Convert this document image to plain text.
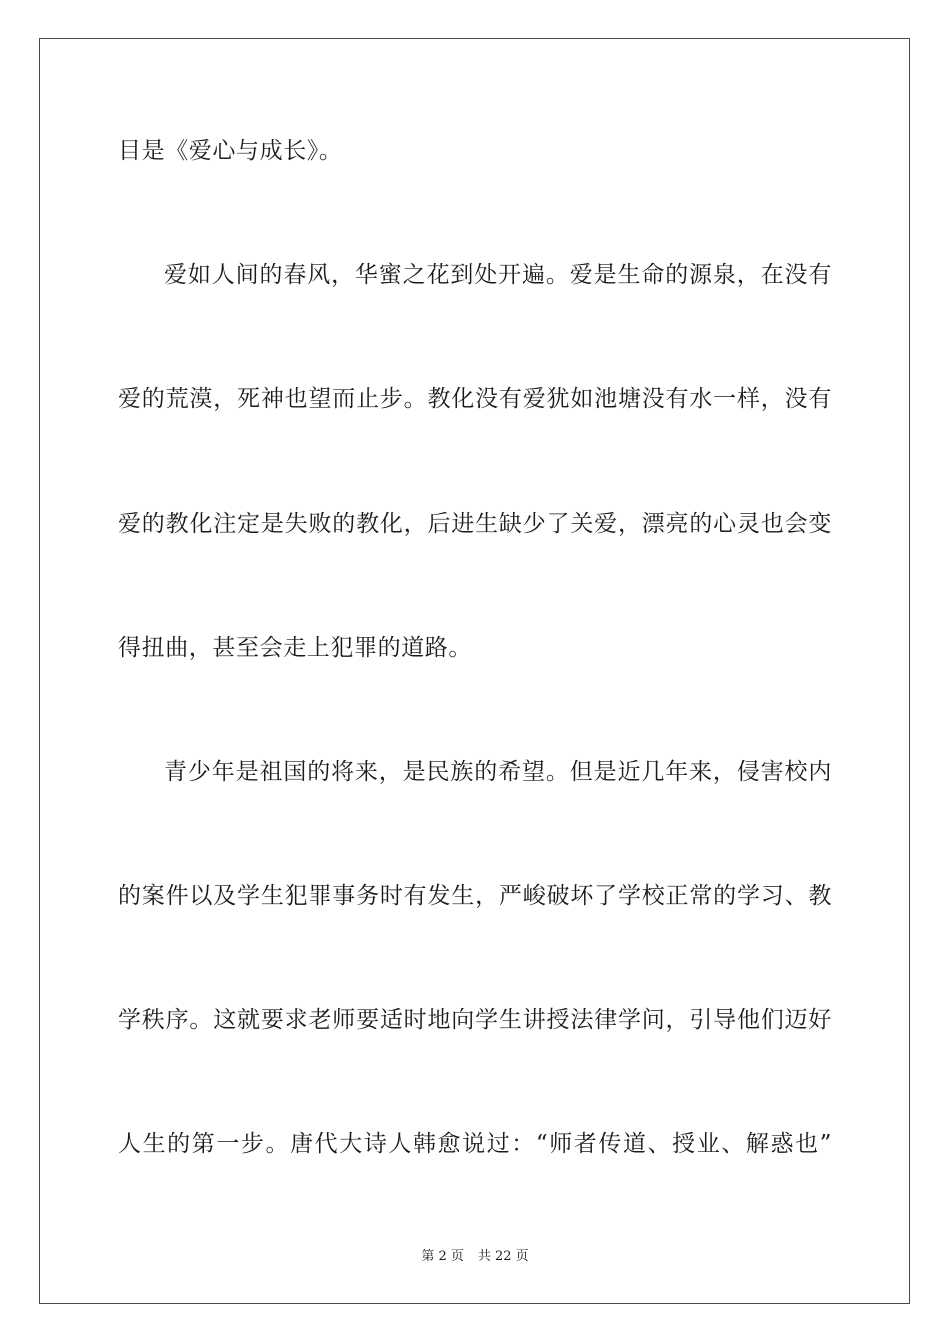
目是《爱心与成长》。
爱如人间的春风，华蜜之花到处开遍。爱是生命的源泉，在没有
爱的荒漠，死神也望而止步。教化没有爱犹如池塘没有水一样，没有
爱的教化注定是失败的教化，后进生缺少了关爱，漂亮的心灵也会变
得扭曲，甚至会走上犯罪的道路。
青少年是祖国的将来，是民族的希望。但是近几年来，侵害校内
的案件以及学生犯罪事务时有发生，严峻破坏了学校正常的学习、教
学秩序。这就要求老师要适时地向学生讲授法律学问，引导他们迈好
人生的第一步。唐代大诗人韩愈说过：“师者传道、授业、解惑也”
第 2 页 共 22 页
